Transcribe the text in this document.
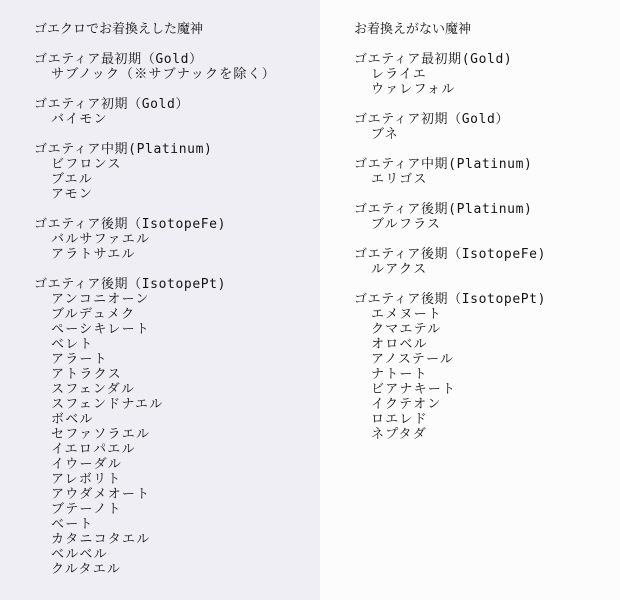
ゴエクロでお着換えした魔神
ゴエティア最初期（Gold）
サブノック（※サブナックを除く）
ゴエティア初期（Gold）
バイモン
ゴエティア中期(Platinum)
ビフロンス
ブエル
アモン
ゴエティア後期（IsotopeFe)
バルサファエル
アラトサエル
ゴエティア後期（IsotopePt)
アンコニオーン
ブルデュメク
ペーシキレート
ベレト
アラート
アトラクス
スフェンダル
スフェンドナエル
ボベル
セファソラエル
イエロパエル
イウーダル
アレボリト
アウダメオート
ブテーノト
ベート
カタニコタエル
ベルベル
クルタエル
お着換えがない魔神
ゴエティア最初期(Gold)
レライエ
ウァレフォル
ゴエティア初期（Gold）
ブネ
ゴエティア中期(Platinum)
エリゴス
ゴエティア後期(Platinum)
ブルフラス
ゴエティア後期（IsotopeFe)
ルアクス
ゴエティア後期（IsotopePt)
エメヌート
クマエテル
オロベル
アノステール
ナトート
ビアナキート
イクテオン
ロエレド
ネプタダ
